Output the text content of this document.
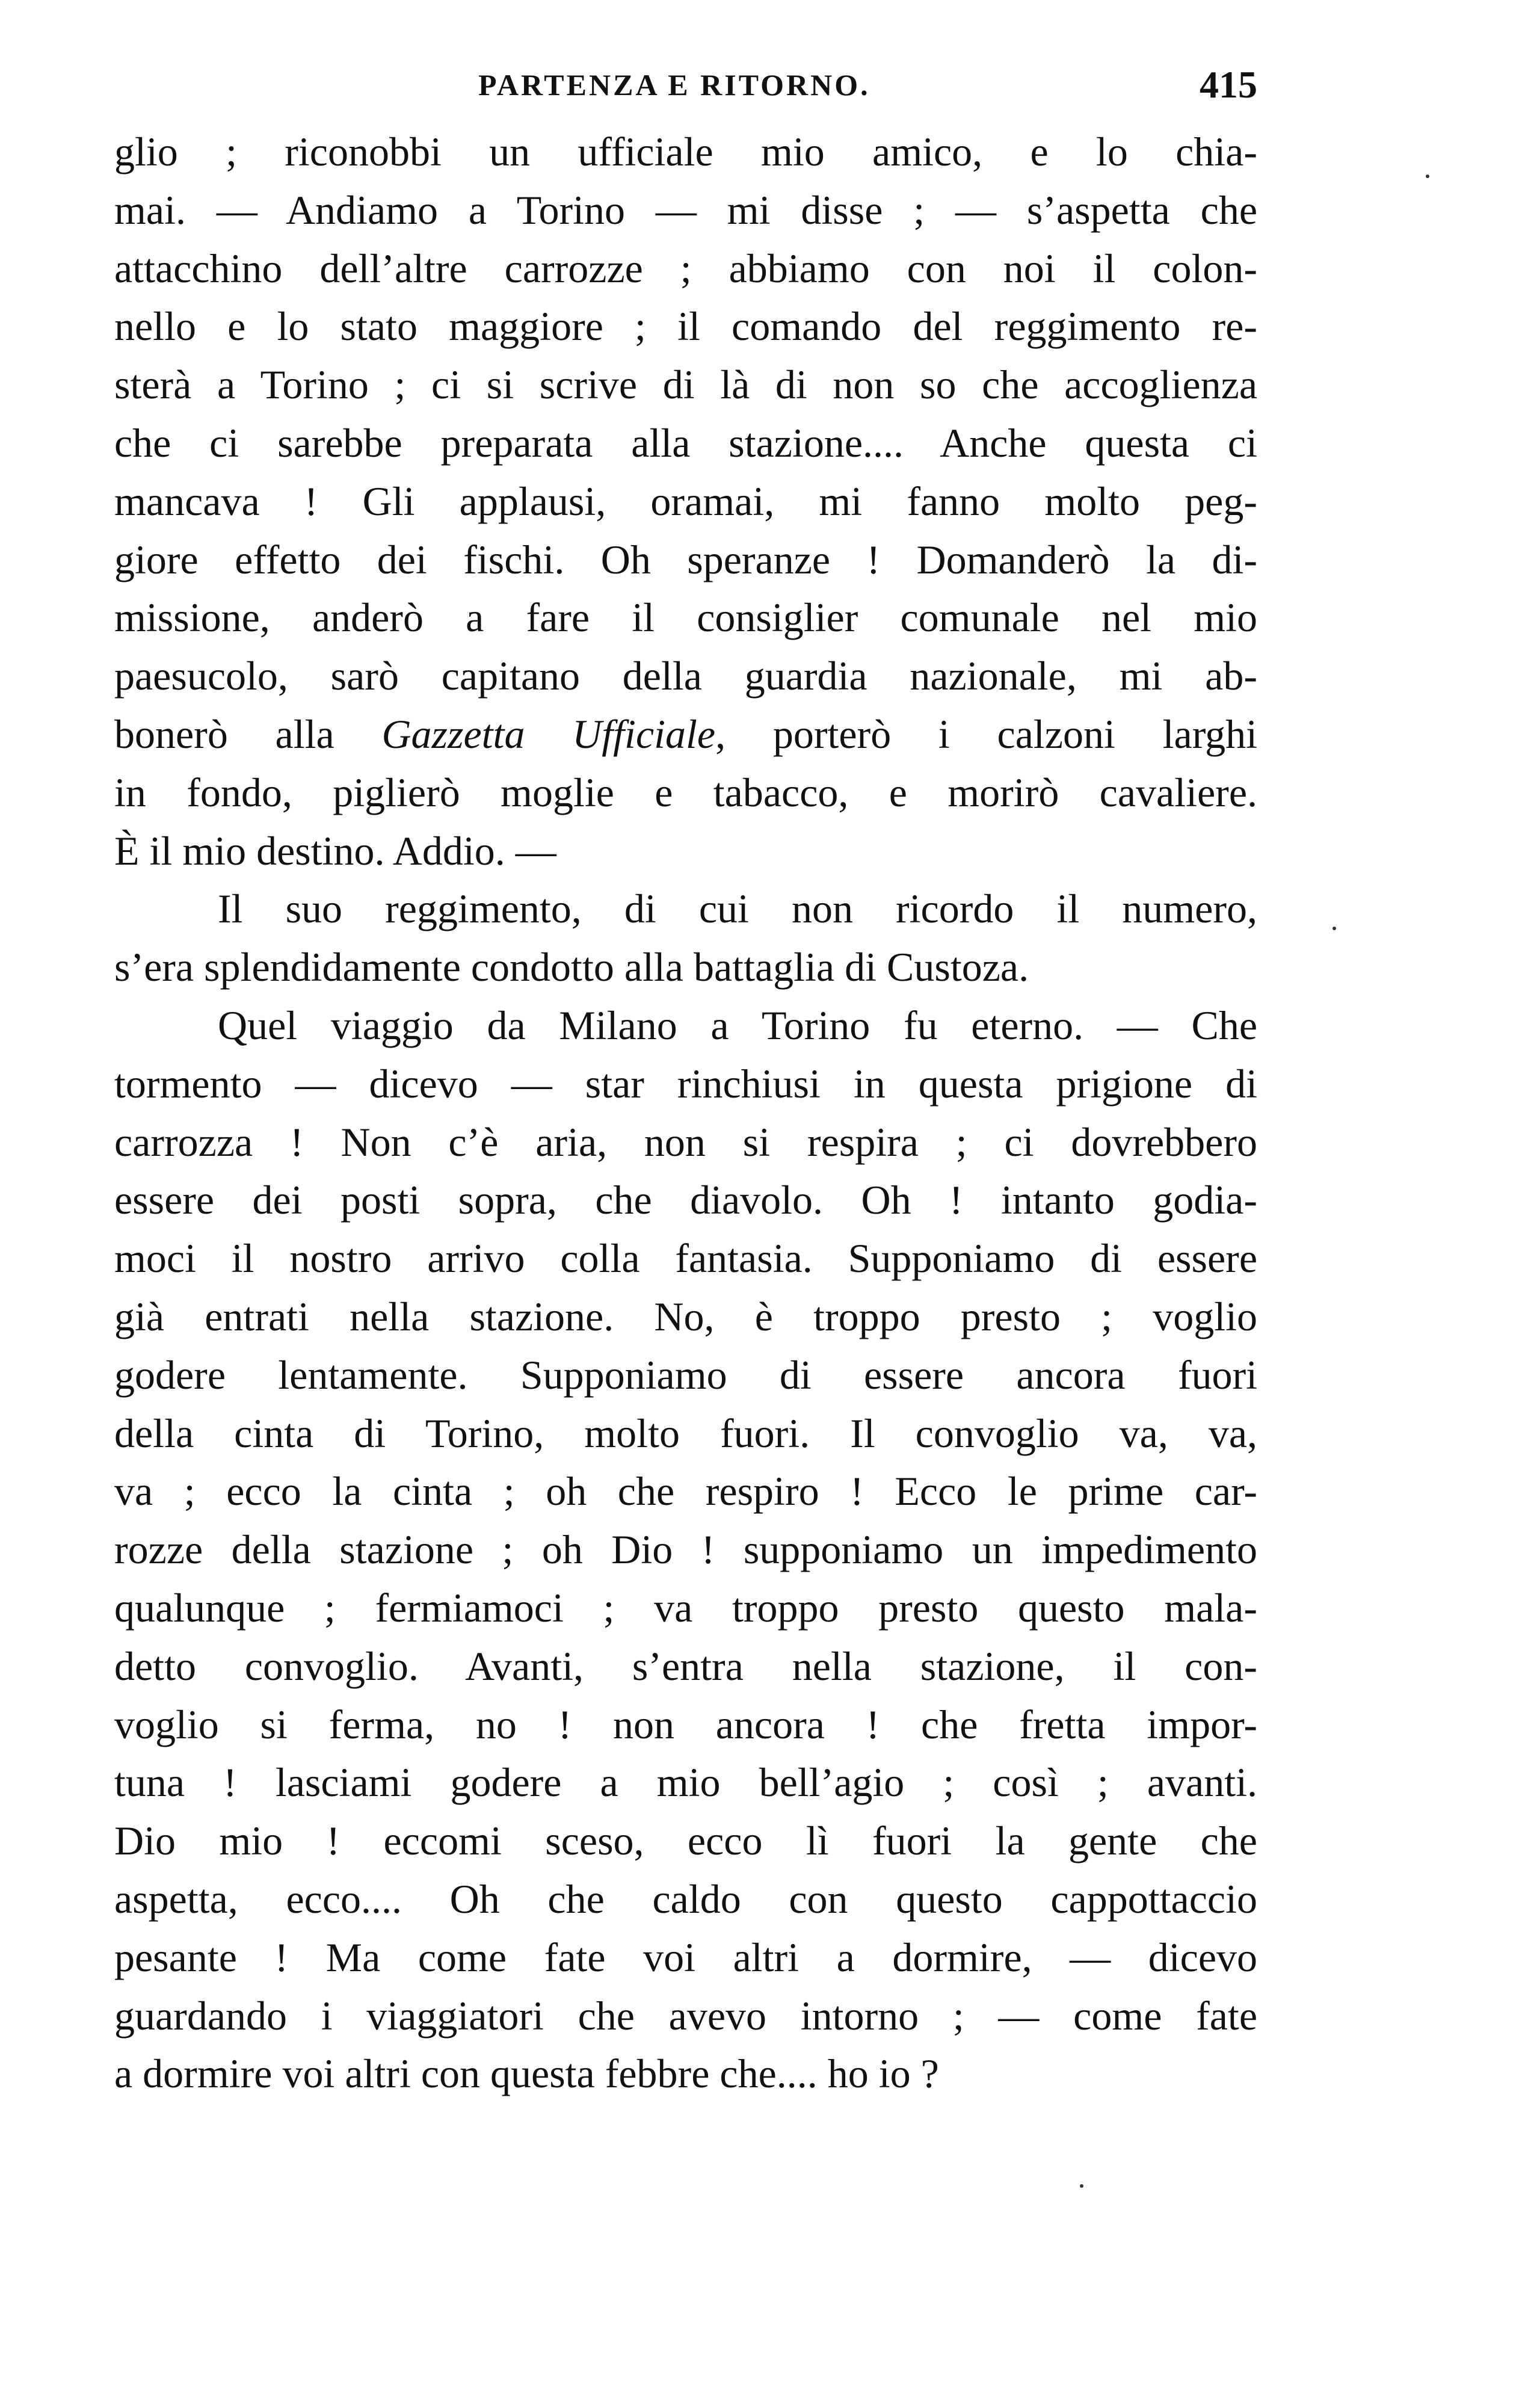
PARTENZA E RITORNO.	415
glio ; riconobbi un ufficiale mio amico, e lo chia-
mai. — Andiamo a Torino — mi disse ; — s’aspetta che
attacchino dell’altre carrozze ; abbiamo con noi il colon-
nello e lo stato maggiore ; il comando del reggimento re-
sterà a Torino ; ci si scrive di là di non so che accoglienza
che ci sarebbe preparata alla stazione.... Anche questa ci
mancava ! Gli applausi, oramai, mi fanno molto peg-
giore effetto dei fischi. Oh speranze ! Domanderò la di-
missione, anderò a fare il consiglier comunale nel mio
paesucolo, sarò capitano della guardia nazionale, mi ab-
bonerò alla Gazzetta Ufficiale, porterò i calzoni larghi
in fondo, piglierò moglie e tabacco, e morirò cavaliere.
È il mio destino. Addio. —
Il suo reggimento, di cui non ricordo il numero,
s’era splendidamente condotto alla battaglia di Custoza.
Quel viaggio da Milano a Torino fu eterno. — Che
tormento — dicevo — star rinchiusi in questa prigione di
carrozza ! Non c’è aria, non si respira ; ci dovrebbero
essere dei posti sopra, che diavolo. Oh ! intanto godia-
moci il nostro arrivo colla fantasia. Supponiamo di essere
già entrati nella stazione. No, è troppo presto ; voglio
godere lentamente. Supponiamo di essere ancora fuori
della cinta di Torino, molto fuori. Il convoglio va, va,
va ; ecco la cinta ; oh che respiro ! Ecco le prime car-
rozze della stazione ; oh Dio ! supponiamo un impedimento
qualunque ; fermiamoci ; va troppo presto questo mala-
detto convoglio. Avanti, s’entra nella stazione, il con-
voglio si ferma, no ! non ancora ! che fretta impor-
tuna ! lasciami godere a mio bell’agio ; così ; avanti.
Dio mio ! eccomi sceso, ecco lì fuori la gente che
aspetta, ecco.... Oh che caldo con questo cappottaccio
pesante ! Ma come fate voi altri a dormire, — dicevo
guardando i viaggiatori che avevo intorno ; — come fate
a dormire voi altri con questa febbre che.... ho io ?
